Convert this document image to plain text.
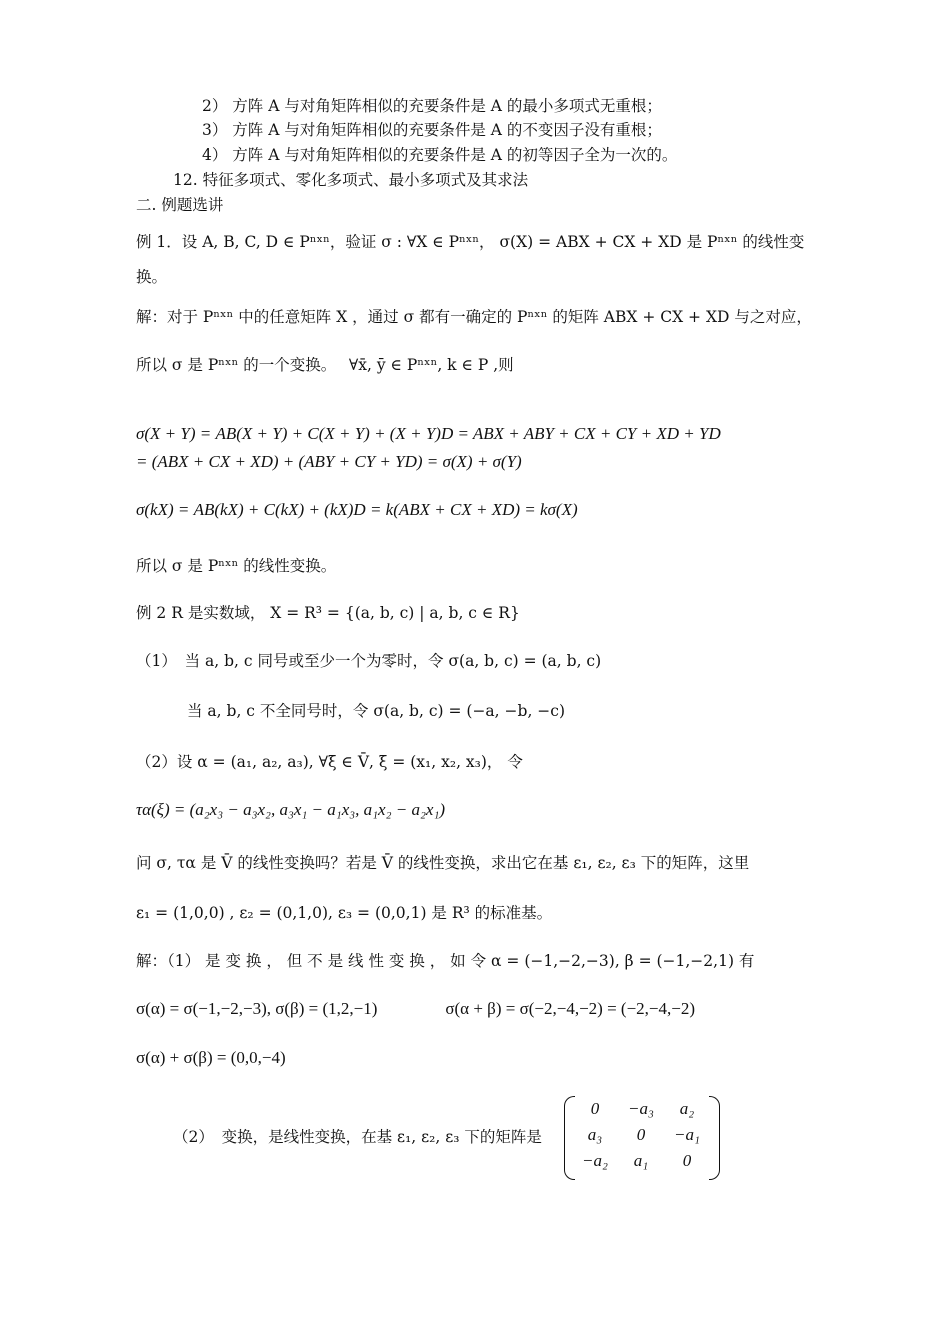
2） 方阵 A 与对角矩阵相似的充要条件是 A 的最小多项式无重根；
3） 方阵 A 与对角矩阵相似的充要条件是 A 的不变因子没有重根；
4） 方阵 A 与对角矩阵相似的充要条件是 A 的初等因子全为一次的。
12. 特征多项式、零化多项式、最小多项式及其求法
二. 例题选讲
例 1．设 A, B, C, D ∈ Pⁿˣⁿ，验证 σ : ∀X ∈ Pⁿˣⁿ， σ(X) = ABX + CX + XD 是 Pⁿˣⁿ 的线性变
换。
解：对于 Pⁿˣⁿ 中的任意矩阵 X ，通过 σ 都有一确定的 Pⁿˣⁿ 的矩阵 ABX + CX + XD 与之对应，
所以 σ 是 Pⁿˣⁿ 的一个变换。　 ∀x̄, ȳ ∈ Pⁿˣⁿ, k ∈ P ,则
σ(X + Y) = AB(X + Y) + C(X + Y) + (X + Y)D = ABX + ABY + CX + CY + XD + YD
= (ABX + CX + XD) + (ABY + CY + YD) = σ(X) + σ(Y)
σ(kX) = AB(kX) + C(kX) + (kX)D = k(ABX + CX + XD) = kσ(X)
所以 σ 是 Pⁿˣⁿ 的线性变换。
例 2 R 是实数域， X = R³ = {(a, b, c) | a, b, c ∈ R}
（1）　当 a, b, c 同号或至少一个为零时，令 σ(a, b, c) = (a, b, c)
当 a, b, c 不全同号时，令 σ(a, b, c) = (−a, −b, −c)
（2）设 α = (a₁, a₂, a₃), ∀ξ ∈ V̄, ξ = (x₁, x₂, x₃)， 令
τα(ξ) = (a₂x₃ − a₃x₂, a₃x₁ − a₁x₃, a₁x₂ − a₂x₁)
问 σ, τα 是 V̄ 的线性变换吗？若是 V̄ 的线性变换，求出它在基 ε₁, ε₂, ε₃ 下的矩阵，这里
ε₁ = (1,0,0) , ε₂ = (0,1,0), ε₃ = (0,0,1) 是 R³ 的标准基。
解：（1） 是 变 换 ， 但 不 是 线 性 变 换 ， 如 令 α = (−1,−2,−3), β = (−1,−2,1) 有
σ(α) = σ(−1,−2,−3), σ(β) = (1,2,−1)　　　　σ(α + β) = σ(−2,−4,−2) = (−2,−4,−2)
σ(α) + σ(β) = (0,0,−4)
（2）　变换，是线性变换，在基 ε₁, ε₂, ε₃ 下的矩阵是
0	−a₃	a₂
a₃	0	−a₁
−a₂	a₁	0
